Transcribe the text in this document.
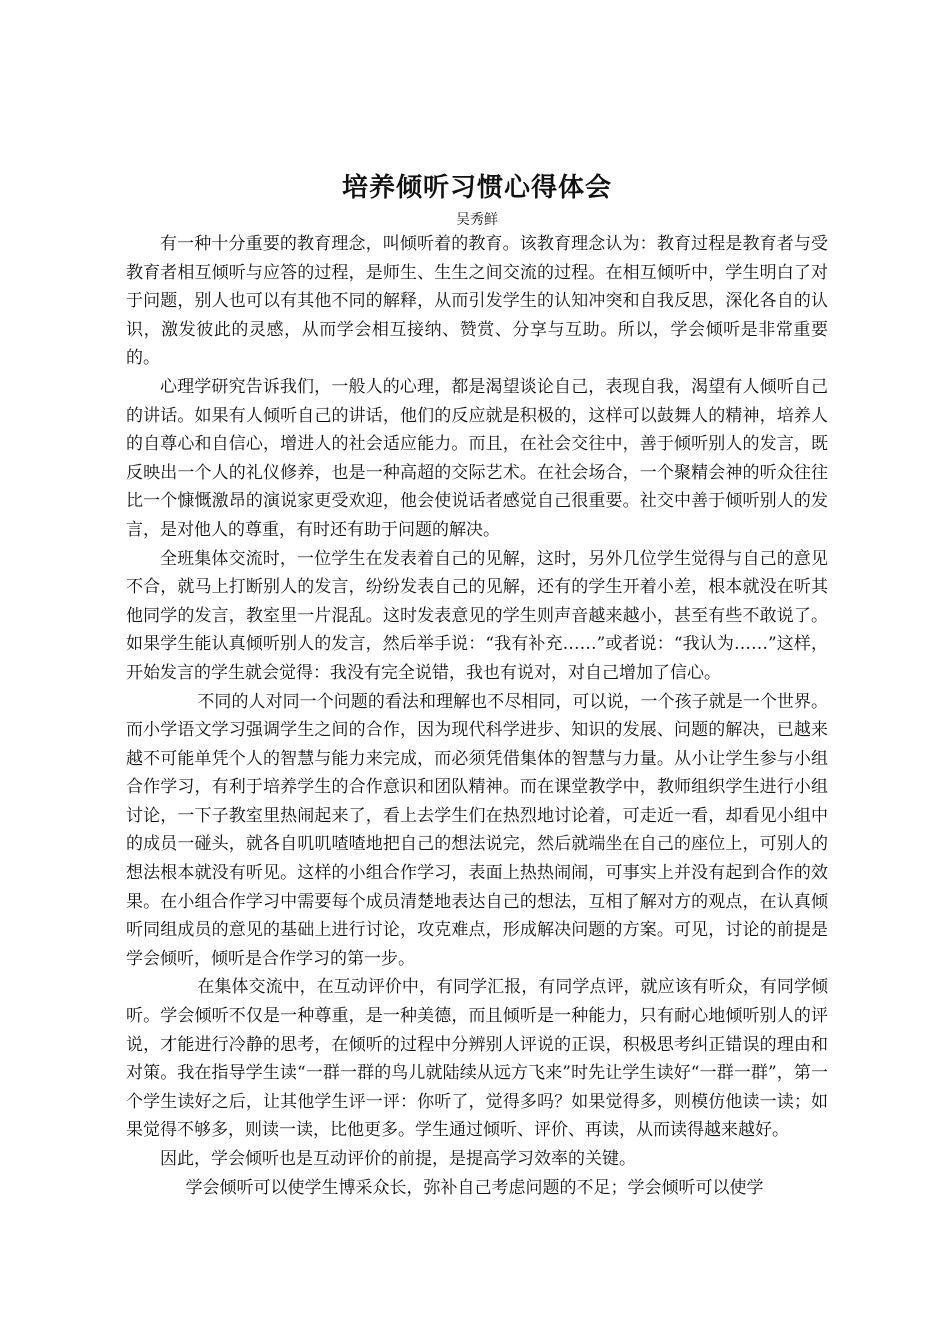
培养倾听习惯心得体会
吴秀鲜

有一种十分重要的教育理念，叫倾听着的教育。该教育理念认为：教育过程是教育者与受教育者相互倾听与应答的过程，是师生、生生之间交流的过程。在相互倾听中，学生明白了对于问题，别人也可以有其他不同的解释，从而引发学生的认知冲突和自我反思，深化各自的认识，激发彼此的灵感，从而学会相互接纳、赞赏、分享与互助。所以，学会倾听是非常重要的。

心理学研究告诉我们，一般人的心理，都是渴望谈论自己，表现自我，渴望有人倾听自己的讲话。如果有人倾听自己的讲话，他们的反应就是积极的，这样可以鼓舞人的精神，培养人的自尊心和自信心，增进人的社会适应能力。而且，在社会交往中，善于倾听别人的发言，既反映出一个人的礼仪修养，也是一种高超的交际艺术。在社会场合，一个聚精会神的听众往往比一个慷慨激昂的演说家更受欢迎，他会使说话者感觉自己很重要。社交中善于倾听别人的发言，是对他人的尊重，有时还有助于问题的解决。

全班集体交流时，一位学生在发表着自己的见解，这时，另外几位学生觉得与自己的意见不合，就马上打断别人的发言，纷纷发表自己的见解，还有的学生开着小差，根本就没在听其他同学的发言，教室里一片混乱。这时发表意见的学生则声音越来越小，甚至有些不敢说了。如果学生能认真倾听别人的发言，然后举手说：“我有补充……”或者说：“我认为……”这样，开始发言的学生就会觉得：我没有完全说错，我也有说对，对自己增加了信心。

不同的人对同一个问题的看法和理解也不尽相同，可以说，一个孩子就是一个世界。而小学语文学习强调学生之间的合作，因为现代科学进步、知识的发展、问题的解决，已越来越不可能单凭个人的智慧与能力来完成，而必须凭借集体的智慧与力量。从小让学生参与小组合作学习，有利于培养学生的合作意识和团队精神。而在课堂教学中，教师组织学生进行小组讨论，一下子教室里热闹起来了，看上去学生们在热烈地讨论着，可走近一看，却看见小组中的成员一碰头，就各自叽叽喳喳地把自己的想法说完，然后就端坐在自己的座位上，可别人的想法根本就没有听见。这样的小组合作学习，表面上热热闹闹，可事实上并没有起到合作的效果。在小组合作学习中需要每个成员清楚地表达自己的想法，互相了解对方的观点，在认真倾听同组成员的意见的基础上进行讨论，攻克难点，形成解决问题的方案。可见，讨论的前提是学会倾听，倾听是合作学习的第一步。

在集体交流中，在互动评价中，有同学汇报，有同学点评，就应该有听众，有同学倾听。学会倾听不仅是一种尊重，是一种美德，而且倾听是一种能力，只有耐心地倾听别人的评说，才能进行冷静的思考，在倾听的过程中分辨别人评说的正误，积极思考纠正错误的理由和对策。我在指导学生读“一群一群的鸟儿就陆续从远方飞来”时先让学生读好“一群一群”，第一个学生读好之后，让其他学生评一评：你听了，觉得多吗？如果觉得多，则模仿他读一读；如果觉得不够多，则读一读，比他更多。学生通过倾听、评价、再读，从而读得越来越好。

因此，学会倾听也是互动评价的前提，是提高学习效率的关键。

学会倾听可以使学生博采众长，弥补自己考虑问题的不足；学会倾听可以使学
